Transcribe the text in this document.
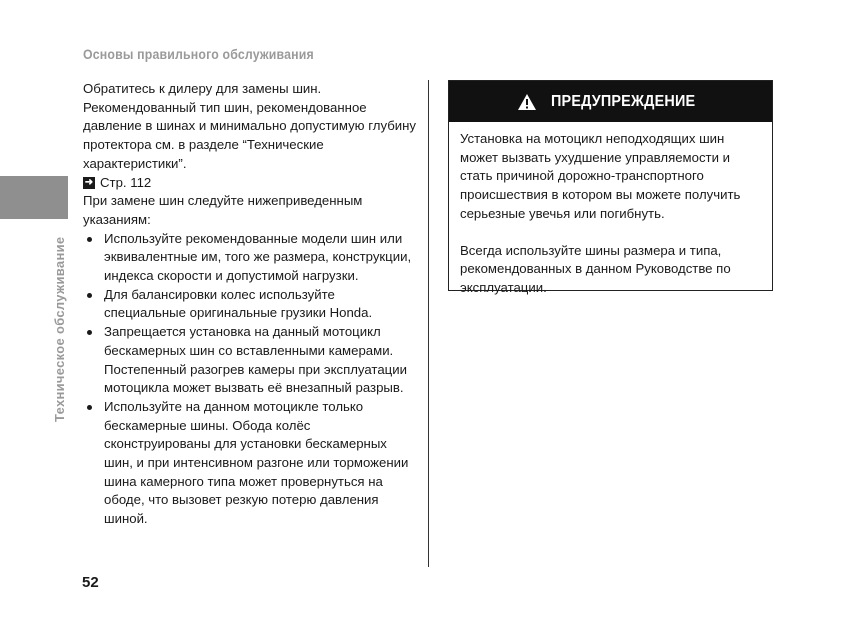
Основы правильного обслуживания
Техническое обслуживание

Обратитесь к дилеру для замены шин. Рекомендованный тип шин, рекомендованное давление в шинах и минимально допустимую глубину протектора см. в разделе “Технические характеристики”.

➜ Стр. 112

При замене шин следуйте нижеприведенным указаниям:

Используйте рекомендованные модели шин или эквивалентные им, того же размера, конструкции, индекса скорости и допустимой нагрузки.
Для балансировки колес используйте специальные оригинальные грузики Honda.
Запрещается установка на данный мотоцикл бескамерных шин со вставленными камерами. Постепенный разогрев камеры при эксплуатации мотоцикла может вызвать её внезапный разрыв.
Используйте на данном мотоцикле только бескамерные шины. Обода колёс сконструированы для установки бескамерных шин, и при интенсивном разгоне или торможении шина камерного типа может провернуться на ободе, что вызовет резкую потерю давления шиной.
ПРЕДУПРЕЖДЕНИЕ

Установка на мотоцикл неподходящих шин может вызвать ухудшение управляемости и стать причиной дорожно-транспортного происшествия в котором вы можете получить серьезные увечья или погибнуть.

Всегда используйте шины размера и типа, рекомендованных в данном Руководстве по эксплуатации.

52
